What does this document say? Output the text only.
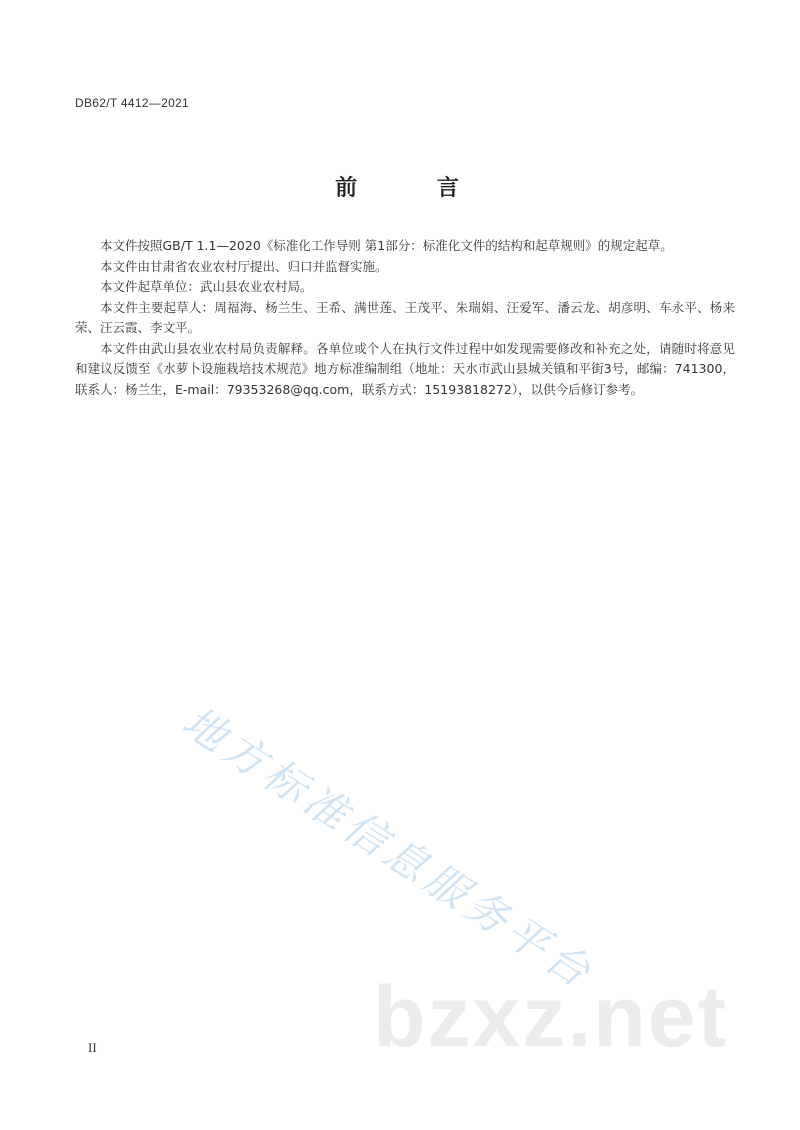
DB62/T 4412—2021
前 言

本文件按照GB/T 1.1—2020《标准化工作导则 第1部分：标准化文件的结构和起草规则》的规定起草。

本文件由甘肃省农业农村厅提出、归口并监督实施。

本文件起草单位：武山县农业农村局。

本文件主要起草人：周福海、杨兰生、王希、满世莲、王茂平、朱瑞娟、汪爱军、潘云龙、胡彦明、车永平、杨来荣、汪云霞、李文平。

本文件由武山县农业农村局负责解释。各单位或个人在执行文件过程中如发现需要修改和补充之处，请随时将意见和建议反馈至《水萝卜设施栽培技术规范》地方标准编制组（地址：天水市武山县城关镇和平街3号，邮编：741300，联系人：杨兰生，E-mail：79353268@qq.com，联系方式：15193818272），以供今后修订参考。

地方标准信息服务平台
bzxz.net
II
